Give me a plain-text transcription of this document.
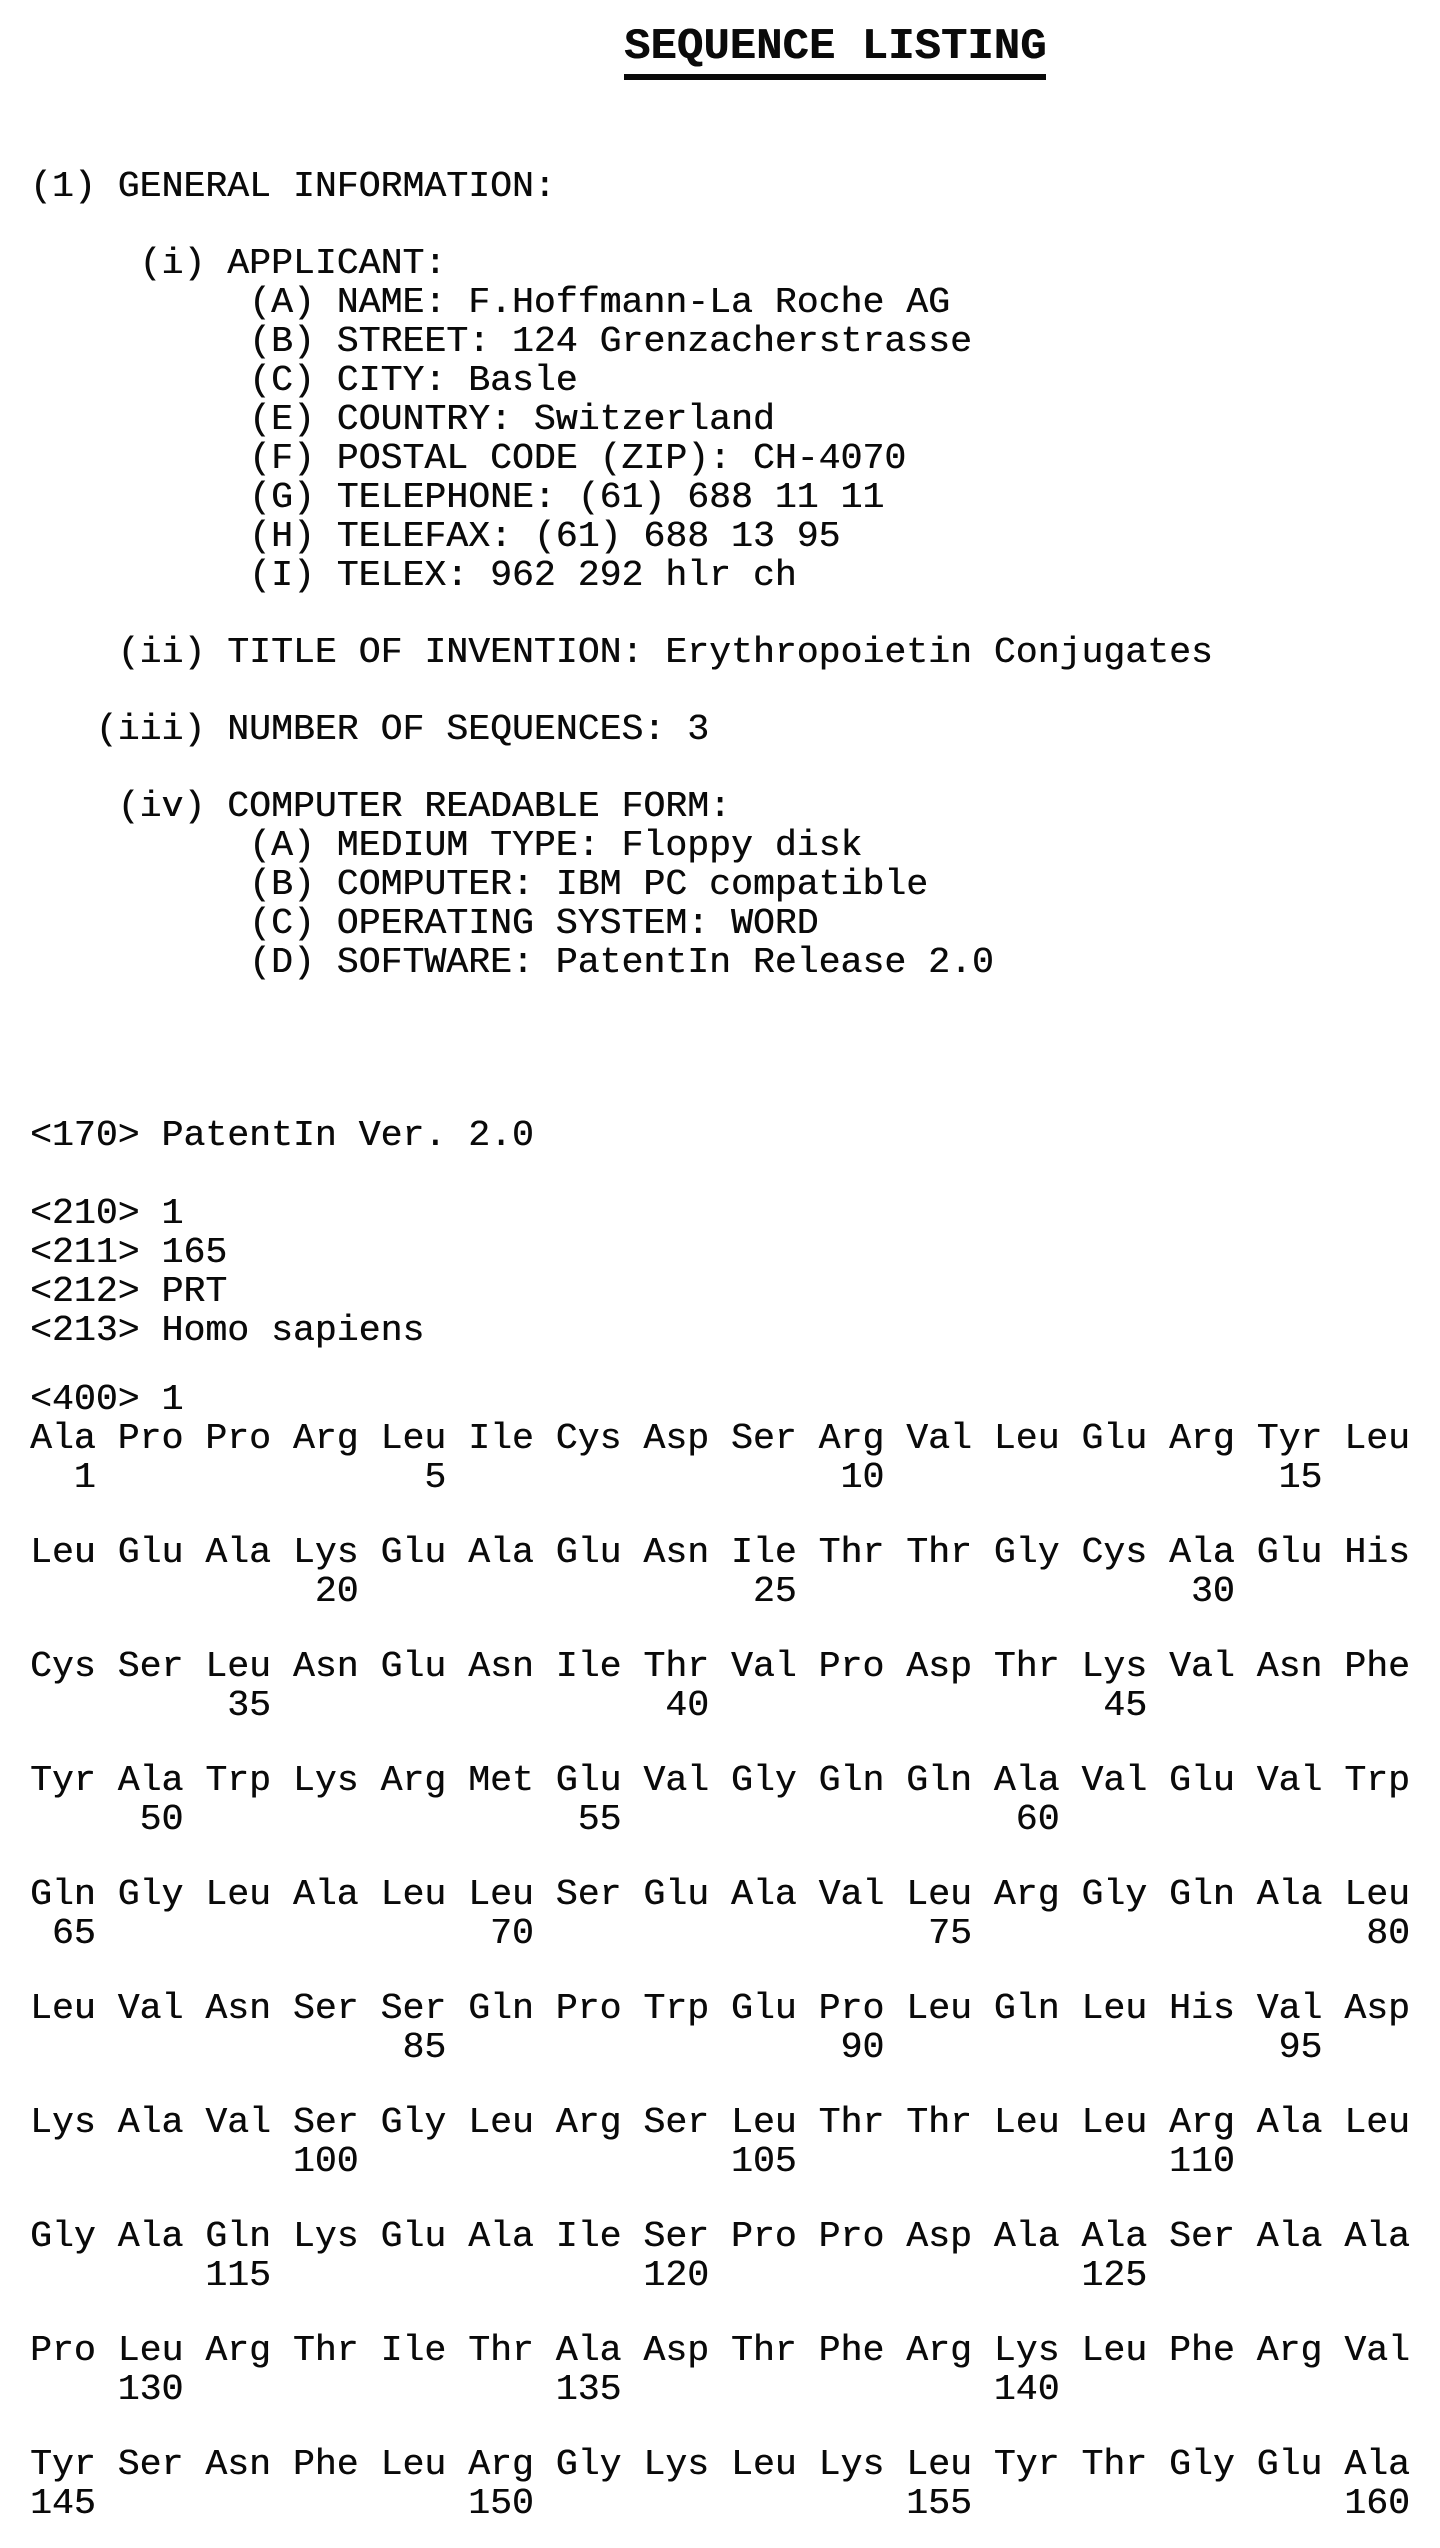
SEQUENCE LISTING
(1) GENERAL INFORMATION:
(i) APPLICANT:
(A) NAME: F.Hoffmann-La Roche AG
(B) STREET: 124 Grenzacherstrasse
(C) CITY: Basle
(E) COUNTRY: Switzerland
(F) POSTAL CODE (ZIP): CH-4070
(G) TELEPHONE: (61) 688 11 11
(H) TELEFAX: (61) 688 13 95
(I) TELEX: 962 292 hlr ch
(ii) TITLE OF INVENTION: Erythropoietin Conjugates
(iii) NUMBER OF SEQUENCES: 3
(iv) COMPUTER READABLE FORM:
(A) MEDIUM TYPE: Floppy disk
(B) COMPUTER: IBM PC compatible
(C) OPERATING SYSTEM: WORD
(D) SOFTWARE: PatentIn Release 2.0
<170> PatentIn Ver. 2.0
<210> 1
<211> 165
<212> PRT
<213> Homo sapiens
<400> 1
Ala Pro Pro Arg Leu Ile Cys Asp Ser Arg Val Leu Glu Arg Tyr Leu
1               5                  10                  15
Leu Glu Ala Lys Glu Ala Glu Asn Ile Thr Thr Gly Cys Ala Glu His
20                  25                  30
Cys Ser Leu Asn Glu Asn Ile Thr Val Pro Asp Thr Lys Val Asn Phe
35                  40                  45
Tyr Ala Trp Lys Arg Met Glu Val Gly Gln Gln Ala Val Glu Val Trp
50                  55                  60
Gln Gly Leu Ala Leu Leu Ser Glu Ala Val Leu Arg Gly Gln Ala Leu
65                  70                  75                  80
Leu Val Asn Ser Ser Gln Pro Trp Glu Pro Leu Gln Leu His Val Asp
85                  90                  95
Lys Ala Val Ser Gly Leu Arg Ser Leu Thr Thr Leu Leu Arg Ala Leu
100                 105                 110
Gly Ala Gln Lys Glu Ala Ile Ser Pro Pro Asp Ala Ala Ser Ala Ala
115                 120                 125
Pro Leu Arg Thr Ile Thr Ala Asp Thr Phe Arg Lys Leu Phe Arg Val
130                 135                 140
Tyr Ser Asn Phe Leu Arg Gly Lys Leu Lys Leu Tyr Thr Gly Glu Ala
145                 150                 155                 160
